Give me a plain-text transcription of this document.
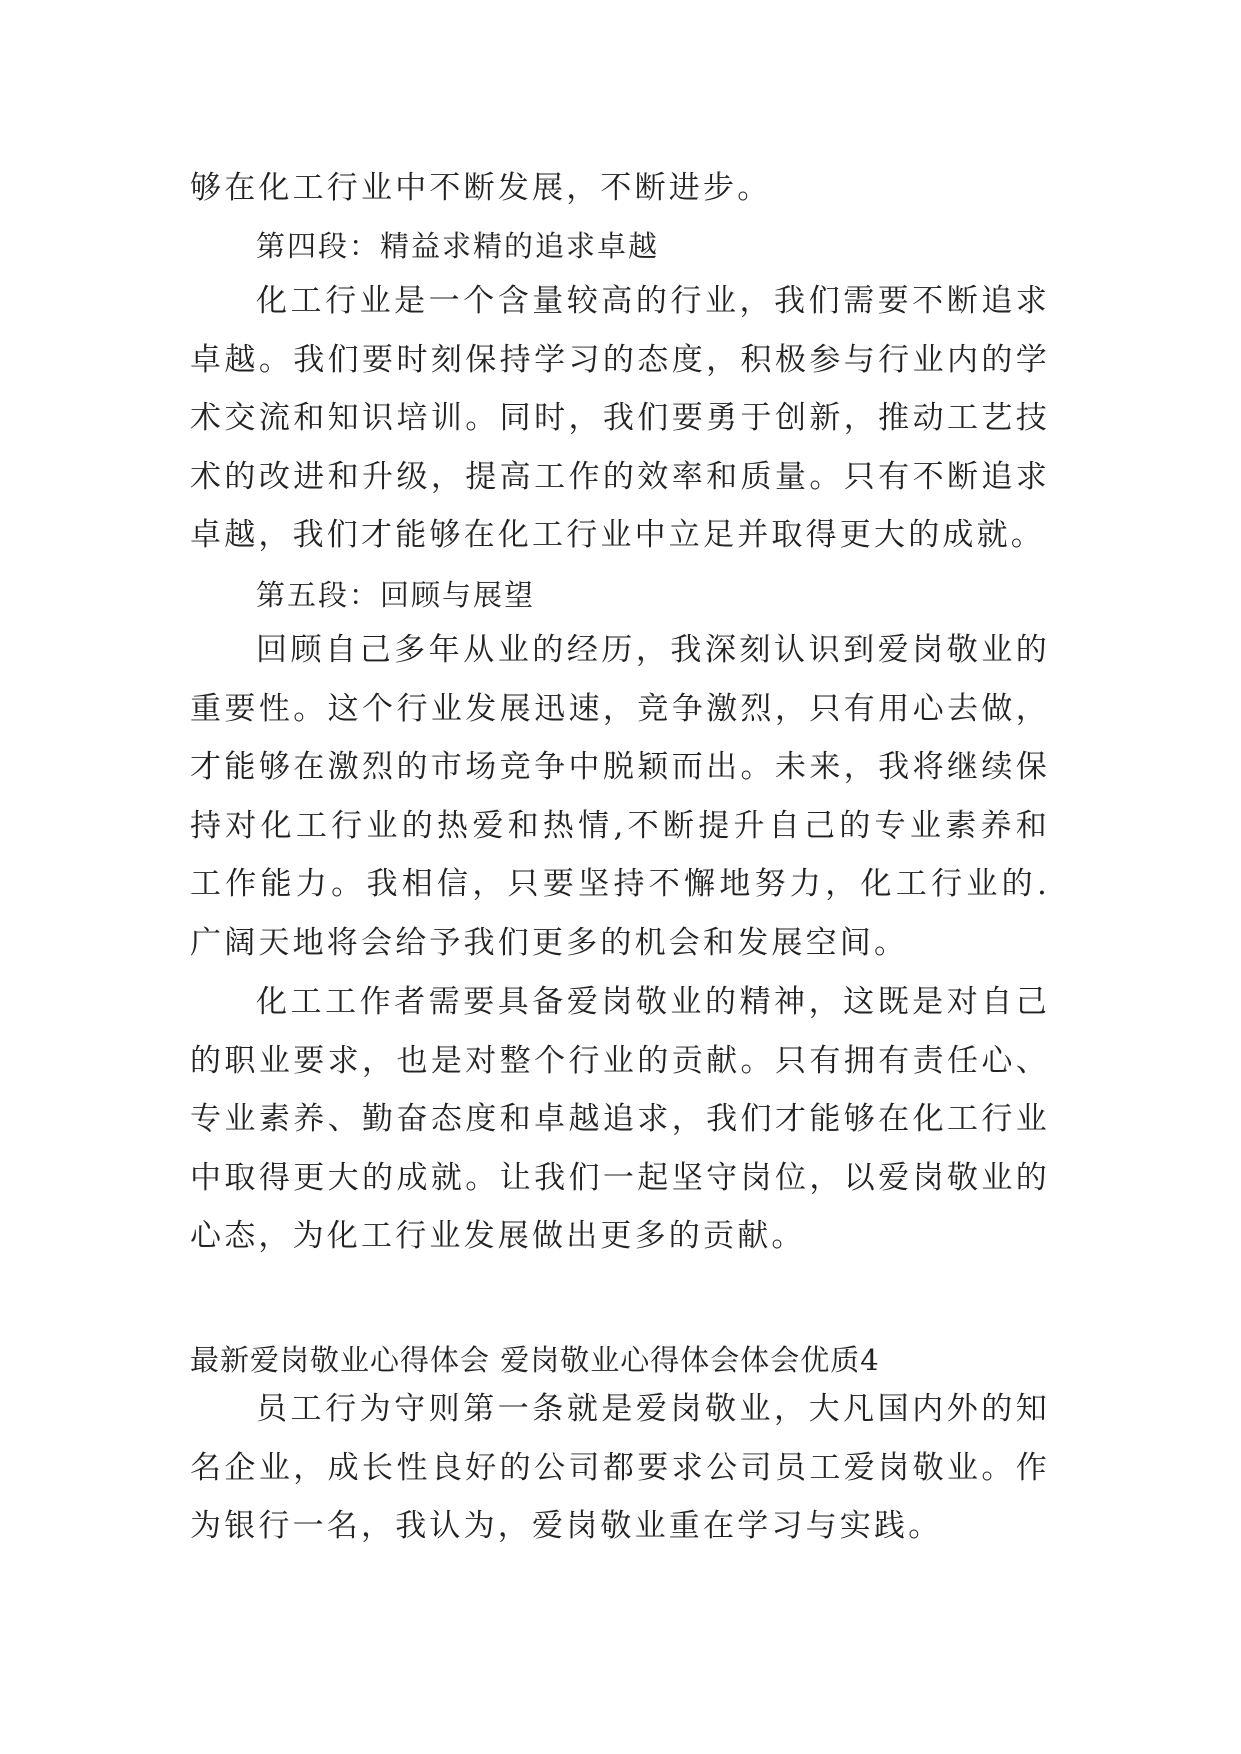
够在化工行业中不断发展，不断进步。

第四段：精益求精的追求卓越

化工行业是一个含量较高的行业，我们需要不断追求卓越。我们要时刻保持学习的态度，积极参与行业内的学术交流和知识培训。同时，我们要勇于创新，推动工艺技术的改进和升级，提高工作的效率和质量。只有不断追求卓越，我们才能够在化工行业中立足并取得更大的成就。

第五段：回顾与展望

回顾自己多年从业的经历，我深刻认识到爱岗敬业的重要性。这个行业发展迅速，竞争激烈，只有用心去做，才能够在激烈的市场竞争中脱颖而出。未来，我将继续保持对化工行业的热爱和热情,不断提升自己的专业素养和工作能力。我相信，只要坚持不懈地努力，化工行业的.广阔天地将会给予我们更多的机会和发展空间。

化工工作者需要具备爱岗敬业的精神，这既是对自己的职业要求，也是对整个行业的贡献。只有拥有责任心、专业素养、勤奋态度和卓越追求，我们才能够在化工行业中取得更大的成就。让我们一起坚守岗位，以爱岗敬业的心态，为化工行业发展做出更多的贡献。

最新爱岗敬业心得体会 爱岗敬业心得体会体会优质4

员工行为守则第一条就是爱岗敬业，大凡国内外的知名企业，成长性良好的公司都要求公司员工爱岗敬业。作为银行一名，我认为，爱岗敬业重在学习与实践。
